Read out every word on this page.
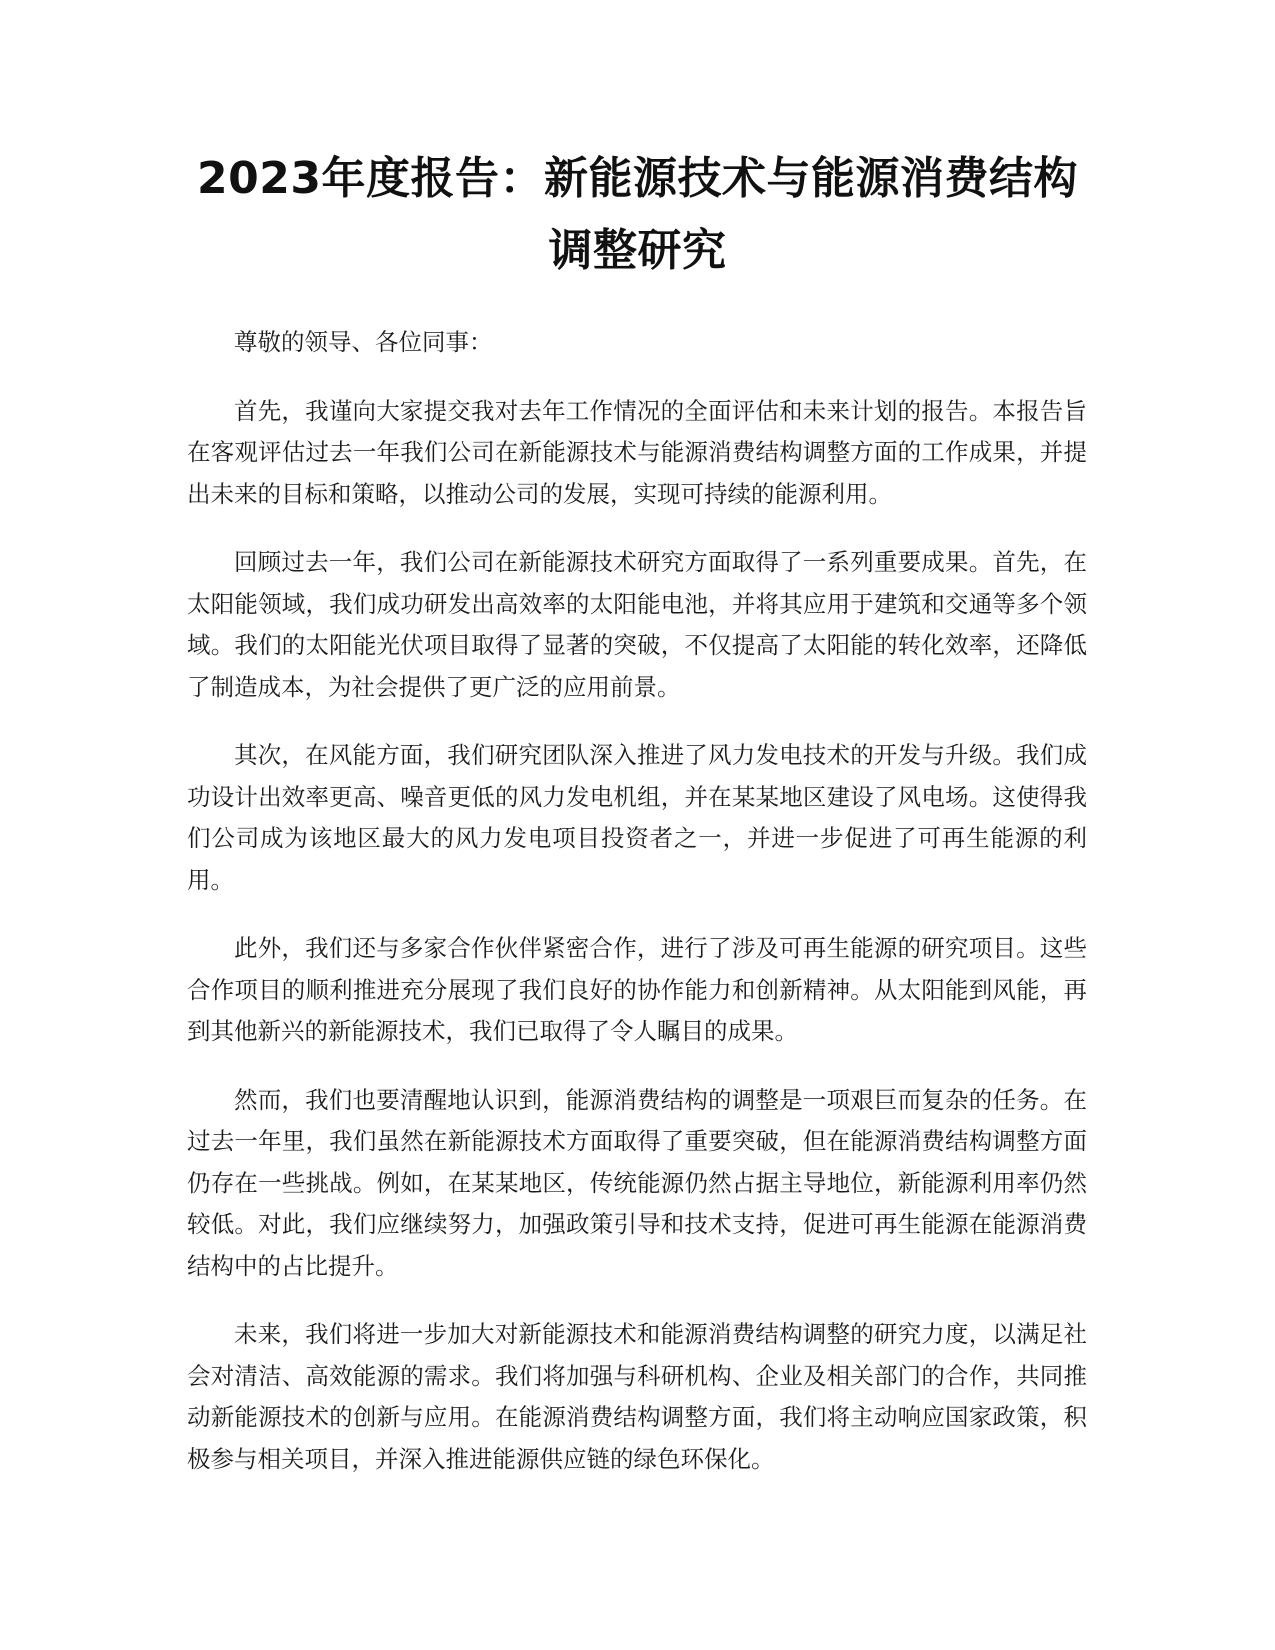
2023年度报告：新能源技术与能源消费结构调整研究

尊敬的领导、各位同事：

首先，我谨向大家提交我对去年工作情况的全面评估和未来计划的报告。本报告旨在客观评估过去一年我们公司在新能源技术与能源消费结构调整方面的工作成果，并提出未来的目标和策略，以推动公司的发展，实现可持续的能源利用。

回顾过去一年，我们公司在新能源技术研究方面取得了一系列重要成果。首先，在太阳能领域，我们成功研发出高效率的太阳能电池，并将其应用于建筑和交通等多个领域。我们的太阳能光伏项目取得了显著的突破，不仅提高了太阳能的转化效率，还降低了制造成本，为社会提供了更广泛的应用前景。

其次，在风能方面，我们研究团队深入推进了风力发电技术的开发与升级。我们成功设计出效率更高、噪音更低的风力发电机组，并在某某地区建设了风电场。这使得我们公司成为该地区最大的风力发电项目投资者之一，并进一步促进了可再生能源的利用。

此外，我们还与多家合作伙伴紧密合作，进行了涉及可再生能源的研究项目。这些合作项目的顺利推进充分展现了我们良好的协作能力和创新精神。从太阳能到风能，再到其他新兴的新能源技术，我们已取得了令人瞩目的成果。

然而，我们也要清醒地认识到，能源消费结构的调整是一项艰巨而复杂的任务。在过去一年里，我们虽然在新能源技术方面取得了重要突破，但在能源消费结构调整方面仍存在一些挑战。例如，在某某地区，传统能源仍然占据主导地位，新能源利用率仍然较低。对此，我们应继续努力，加强政策引导和技术支持，促进可再生能源在能源消费结构中的占比提升。

未来，我们将进一步加大对新能源技术和能源消费结构调整的研究力度，以满足社会对清洁、高效能源的需求。我们将加强与科研机构、企业及相关部门的合作，共同推动新能源技术的创新与应用。在能源消费结构调整方面，我们将主动响应国家政策，积极参与相关项目，并深入推进能源供应链的绿色环保化。
